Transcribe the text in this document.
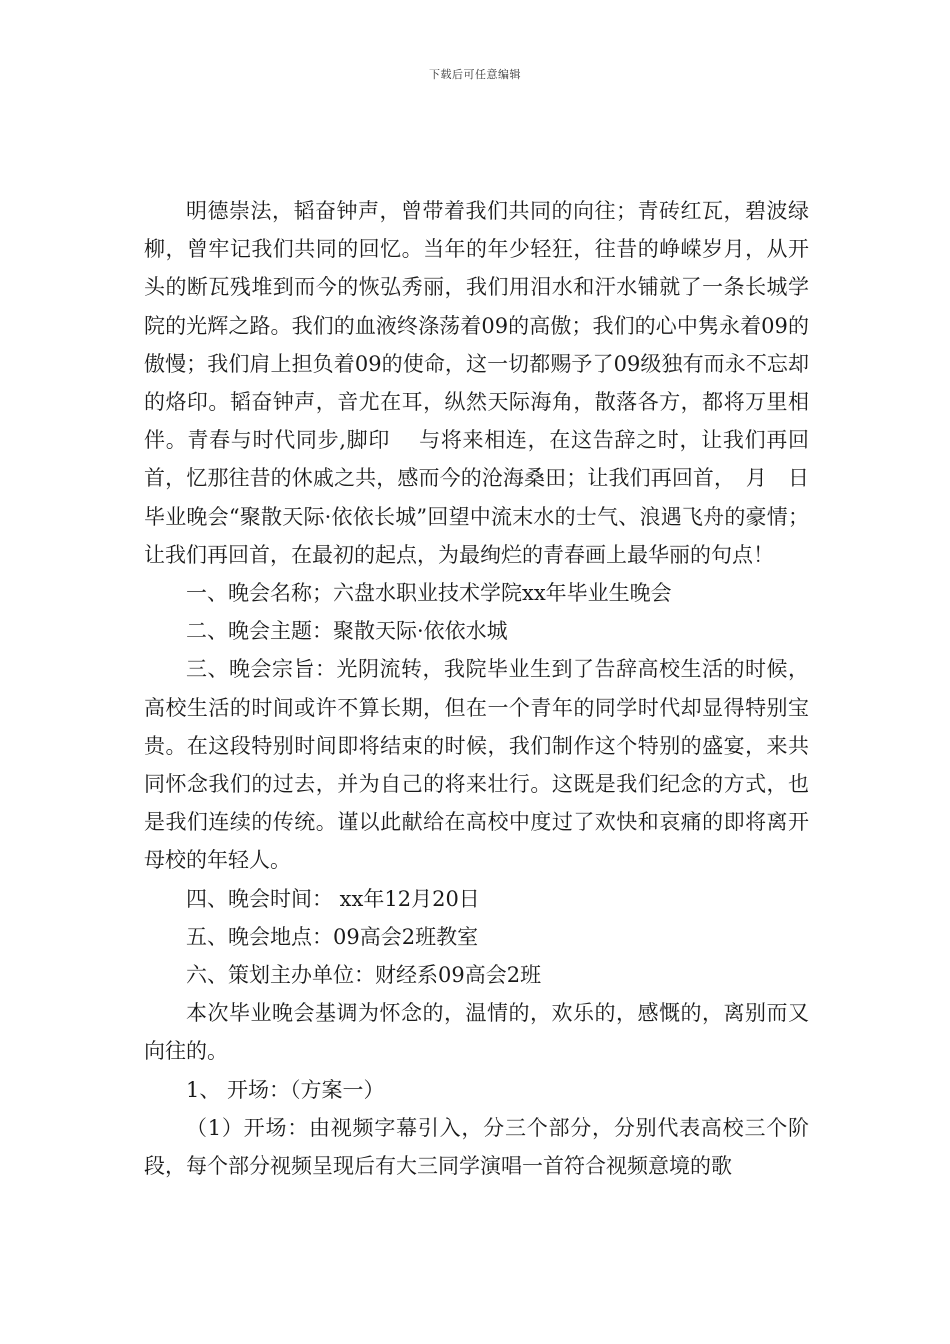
下载后可任意编辑

明德崇法，韬奋钟声，曾带着我们共同的向往；青砖红瓦，碧波绿柳，曾牢记我们共同的回忆。当年的年少轻狂，往昔的峥嵘岁月，从开头的断瓦残堆到而今的恢弘秀丽，我们用泪水和汗水铺就了一条长城学院的光辉之路。我们的血液终涤荡着09的高傲；我们的心中隽永着09的傲慢；我们肩上担负着09的使命，这一切都赐予了09级独有而永不忘却的烙印。韬奋钟声，音尤在耳，纵然天际海角，散落各方，都将万里相伴。青春与时代同步,脚印　 与将来相连，在这告辞之时，让我们再回首，忆那往昔的休戚之共，感而今的沧海桑田；让我们再回首，　月　日毕业晚会“聚散天际·依依长城”回望中流末水的士气、浪遇飞舟的豪情；让我们再回首，在最初的起点，为最绚烂的青春画上最华丽的句点！

一、晚会名称；六盘水职业技术学院xx年毕业生晚会

二、晚会主题：聚散天际·依依水城

三、晚会宗旨：光阴流转，我院毕业生到了告辞高校生活的时候，高校生活的时间或许不算长期，但在一个青年的同学时代却显得特别宝贵。在这段特别时间即将结束的时候，我们制作这个特别的盛宴，来共同怀念我们的过去，并为自己的将来壮行。这既是我们纪念的方式，也是我们连续的传统。谨以此献给在高校中度过了欢快和哀痛的即将离开母校的年轻人。

四、晚会时间： xx年12月20日

五、晚会地点：09高会2班教室

六、策划主办单位：财经系09高会2班

本次毕业晚会基调为怀念的，温情的，欢乐的，感慨的，离别而又向往的。

1、 开场：（方案一）

（1）开场：由视频字幕引入，分三个部分，分别代表高校三个阶段，每个部分视频呈现后有大三同学演唱一首符合视频意境的歌
